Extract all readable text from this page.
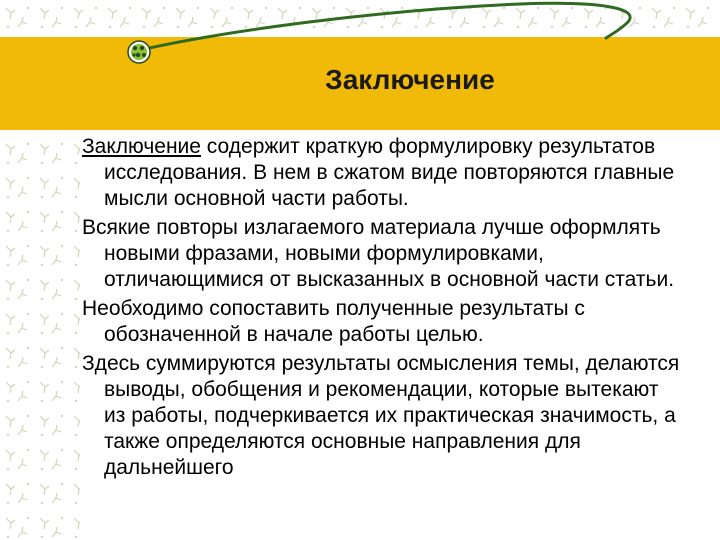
Заключение

Заключение содержит краткую формулировку результатов исследования. В нем в сжатом виде повторяются главные мысли основной части работы.

Всякие повторы излагаемого материала лучше оформлять новыми фразами, новыми формулировками, отличающимися от высказанных в основной части статьи.

Необходимо сопоставить полученные результаты с обозначенной в начале работы целью.

Здесь суммируются результаты осмысления темы, делаются выводы, обобщения и рекомендации, которые вытекают из работы, подчеркивается их практическая значимость, а также определяются основные направления для дальнейшего
